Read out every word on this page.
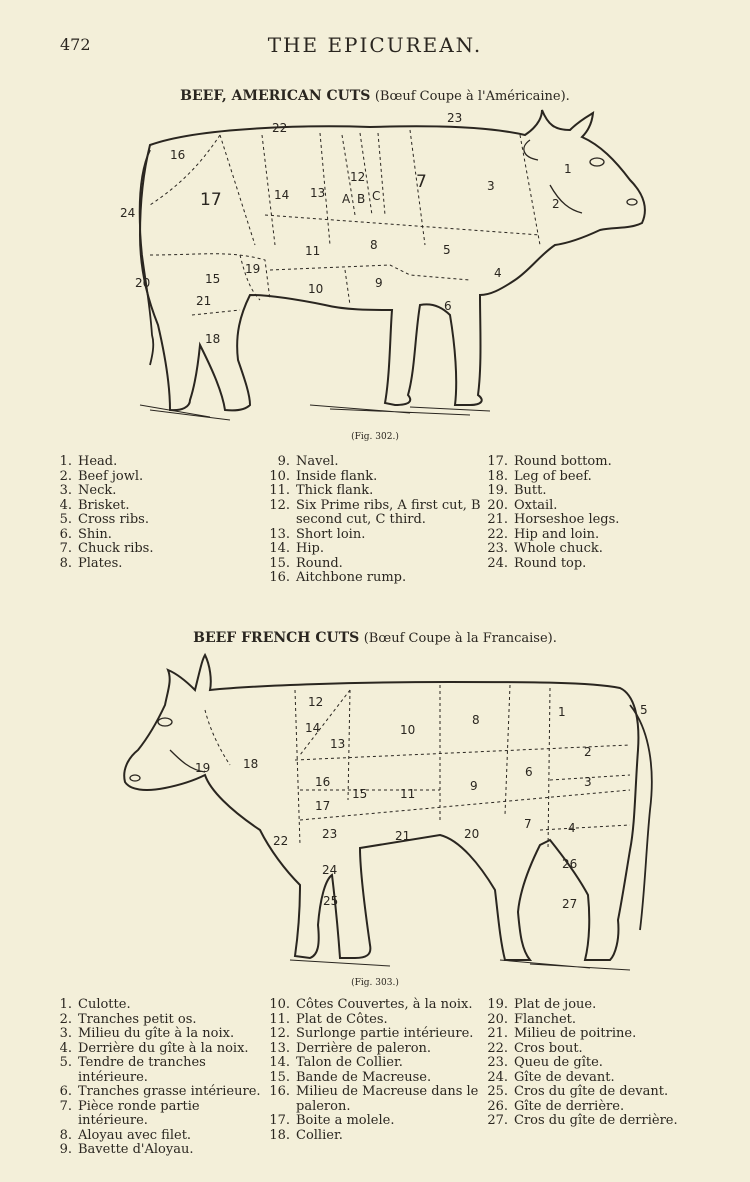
472	THE EPICUREAN.
BEEF, AMERICAN CUTS (Bœuf Coupe à l'Américaine).
16
17	14 13
12
A B C
7	3
1
2
11	8	5
4
19
15
21
18
10	9
6
20
24
22
23
(Fig. 302.)
1. Head.
2. Beef jowl.
3. Neck.
4. Brisket.
5. Cross ribs.
6. Shin.
7. Chuck ribs.
8. Plates.
9. Navel.
10. Inside flank.
11. Thick flank.
12. Six Prime ribs, A first cut, B second cut, C third.
13. Short loin.
14. Hip.
15. Round.
16. Aitchbone rump.
17. Round bottom.
18. Leg of beef.
19. Butt.
20. Oxtail.
21. Horseshoe legs.
22. Hip and loin.
23. Whole chuck.
24. Round top.
BEEF FRENCH CUTS (Bœuf Coupe à la Francaise).
12
14
13
10
8
1	5
2
3
4
6
7
9
19	18
16
17
15	11
23	21	20
22
24
25
26
27
(Fig. 303.)
1. Culotte.
2. Tranches petit os.
3. Milieu du gîte à la noix.
4. Derrière du gîte à la noix.
5. Tendre de tranches intérieure.
6. Tranches grasse intérieure.
7. Pièce ronde partie intérieure.
8. Aloyau avec filet.
9. Bavette d'Aloyau.
10. Côtes Couvertes, à la noix.
11. Plat de Côtes.
12. Surlonge partie intérieure.
13. Derrière de paleron.
14. Talon de Collier.
15. Bande de Macreuse.
16. Milieu de Macreuse dans le paleron.
17. Boite a molele.
18. Collier.
19. Plat de joue.
20. Flanchet.
21. Milieu de poitrine.
22. Cros bout.
23. Queu de gîte.
24. Gîte de devant.
25. Cros du gîte de devant.
26. Gîte de derrière.
27. Cros du gîte de derrière.
